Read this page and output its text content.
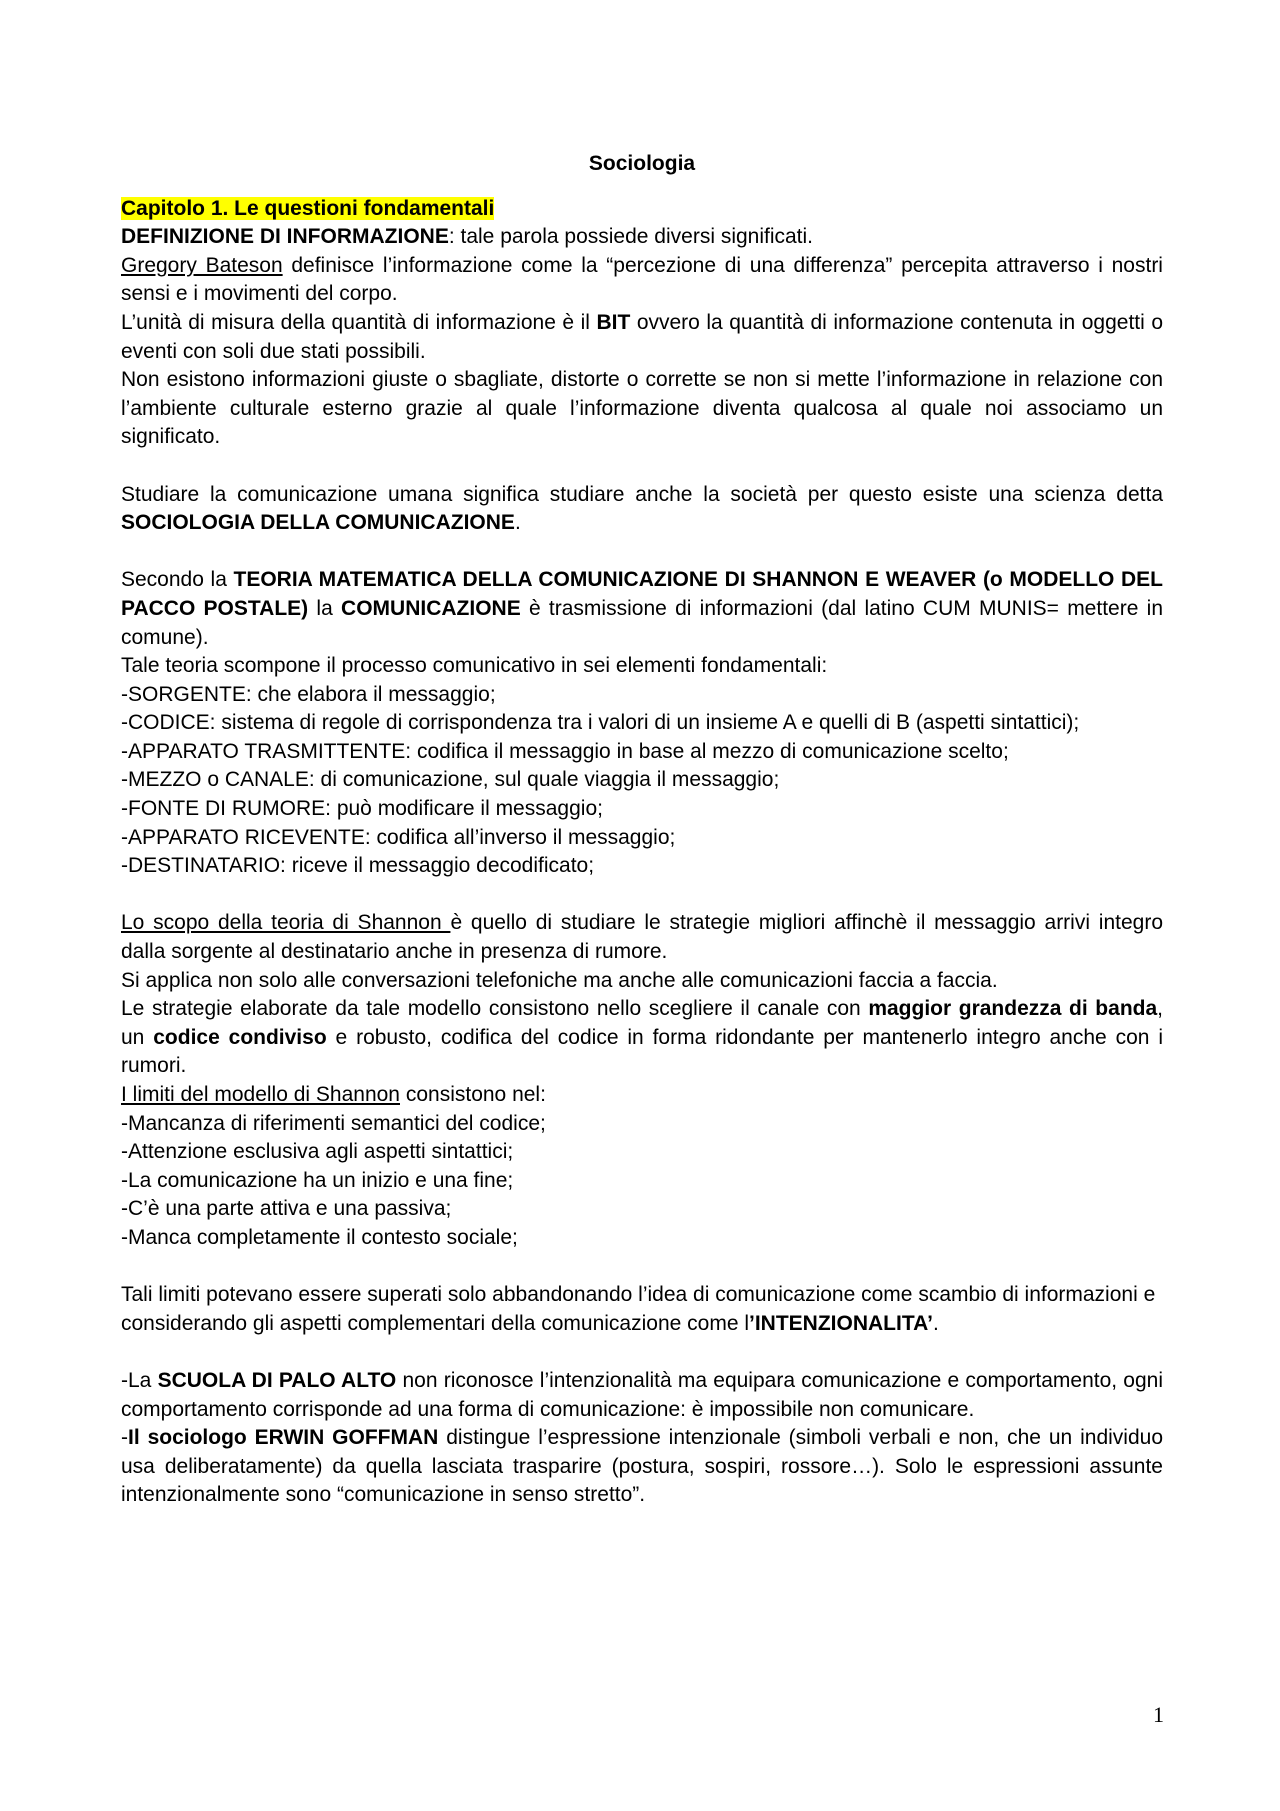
Sociologia

Capitolo 1. Le questioni fondamentali

DEFINIZIONE DI INFORMAZIONE: tale parola possiede diversi significati.

Gregory Bateson definisce l’informazione come la “percezione di una differenza” percepita attraverso i nostri sensi e i movimenti del corpo.

L’unità di misura della quantità di informazione è il BIT ovvero la quantità di informazione contenuta in oggetti o eventi con soli due stati possibili.

Non esistono informazioni giuste o sbagliate, distorte o corrette se non si mette l’informazione in relazione con l’ambiente culturale esterno grazie al quale l’informazione diventa qualcosa al quale noi associamo un significato.

Studiare la comunicazione umana significa studiare anche la società per questo esiste una scienza detta SOCIOLOGIA DELLA COMUNICAZIONE.

Secondo la TEORIA MATEMATICA DELLA COMUNICAZIONE DI SHANNON E WEAVER (o MODELLO DEL PACCO POSTALE) la COMUNICAZIONE è trasmissione di informazioni (dal latino CUM MUNIS= mettere in comune).

Tale teoria scompone il processo comunicativo in sei elementi fondamentali:

-SORGENTE: che elabora il messaggio;

-CODICE: sistema di regole di corrispondenza tra i valori di un insieme A e quelli di B (aspetti sintattici);

-APPARATO TRASMITTENTE: codifica il messaggio in base al mezzo di comunicazione scelto;

-MEZZO o CANALE: di comunicazione, sul quale viaggia il messaggio;

-FONTE DI RUMORE: può modificare il messaggio;

-APPARATO RICEVENTE: codifica all’inverso il messaggio;

-DESTINATARIO: riceve il messaggio decodificato;

Lo scopo della teoria di Shannon è quello di studiare le strategie migliori affinchè il messaggio arrivi integro dalla sorgente al destinatario anche in presenza di rumore.

Si applica non solo alle conversazioni telefoniche ma anche alle comunicazioni faccia a faccia.

Le strategie elaborate da tale modello consistono nello scegliere il canale con maggior grandezza di banda, un codice condiviso e robusto, codifica del codice in forma ridondante per mantenerlo integro anche con i rumori.

I limiti del modello di Shannon consistono nel:

-Mancanza di riferimenti semantici del codice;

-Attenzione esclusiva agli aspetti sintattici;

-La comunicazione ha un inizio e una fine;

-C’è una parte attiva e una passiva;

-Manca completamente il contesto sociale;

Tali limiti potevano essere superati solo abbandonando l’idea di comunicazione come scambio di informazioni e considerando gli aspetti complementari della comunicazione come l’INTENZIONALITA’.

-La SCUOLA DI PALO ALTO non riconosce l’intenzionalità ma equipara comunicazione e comportamento, ogni comportamento corrisponde ad una forma di comunicazione: è impossibile non comunicare.

-Il sociologo ERWIN GOFFMAN distingue l’espressione intenzionale (simboli verbali e non, che un individuo usa deliberatamente) da quella lasciata trasparire (postura, sospiri, rossore…). Solo le espressioni assunte intenzionalmente sono “comunicazione in senso stretto”.

1
